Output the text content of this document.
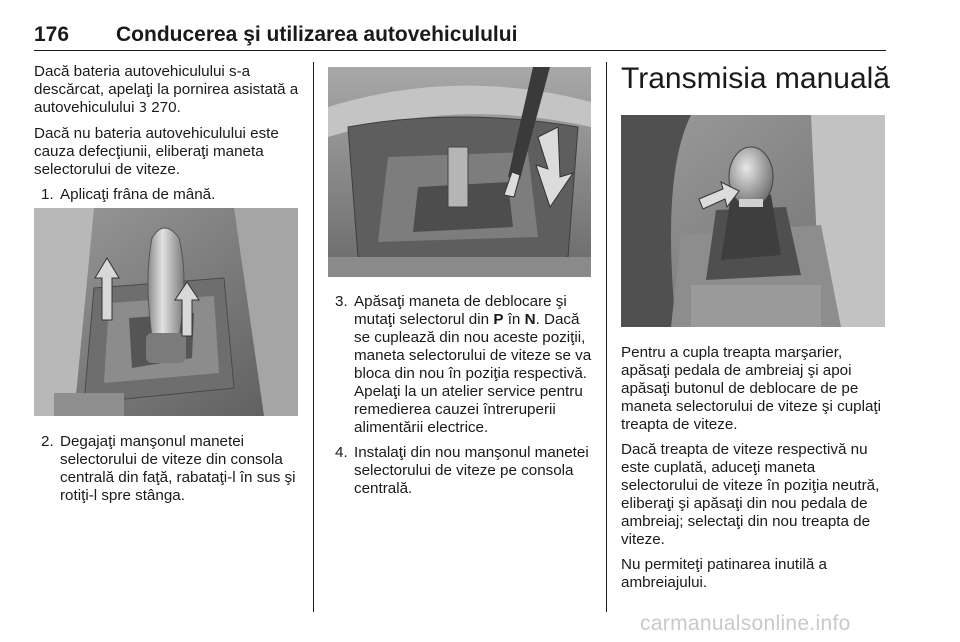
176 Conducerea şi utilizarea autovehiculului

Dacă bateria autovehiculului s-a descărcat, apelaţi la pornirea asistată a autovehiculului 3 270.

Dacă nu bateria autovehiculului este cauza defecţiunii, eliberaţi maneta selectorului de viteze.

1. Aplicaţi frâna de mână.
2. Degajaţi manşonul manetei selectorului de viteze din consola centrală din faţă, rabataţi-l în sus şi rotiţi-l spre stânga.
3. Apăsaţi maneta de deblocare şi mutaţi selectorul din P în N. Dacă se cuplează din nou aceste poziţii, maneta selectorului de viteze se va bloca din nou în poziţia respectivă. Apelaţi la un atelier service pentru remedierea cauzei întreruperii alimentării electrice.
4. Instalaţi din nou manşonul manetei selectorului de viteze pe consola centrală.
Transmisia manuală

Pentru a cupla treapta marşarier, apăsaţi pedala de ambreiaj şi apoi apăsaţi butonul de deblocare de pe maneta selectorului de viteze şi cuplaţi treapta de viteze.

Dacă treapta de viteze respectivă nu este cuplată, aduceţi maneta selectorului de viteze în poziţia neutră, eliberaţi şi apăsaţi din nou pedala de ambreiaj; selectaţi din nou treapta de viteze.

Nu permiteţi patinarea inutilă a ambreiajului.

carmanualsonline.info
